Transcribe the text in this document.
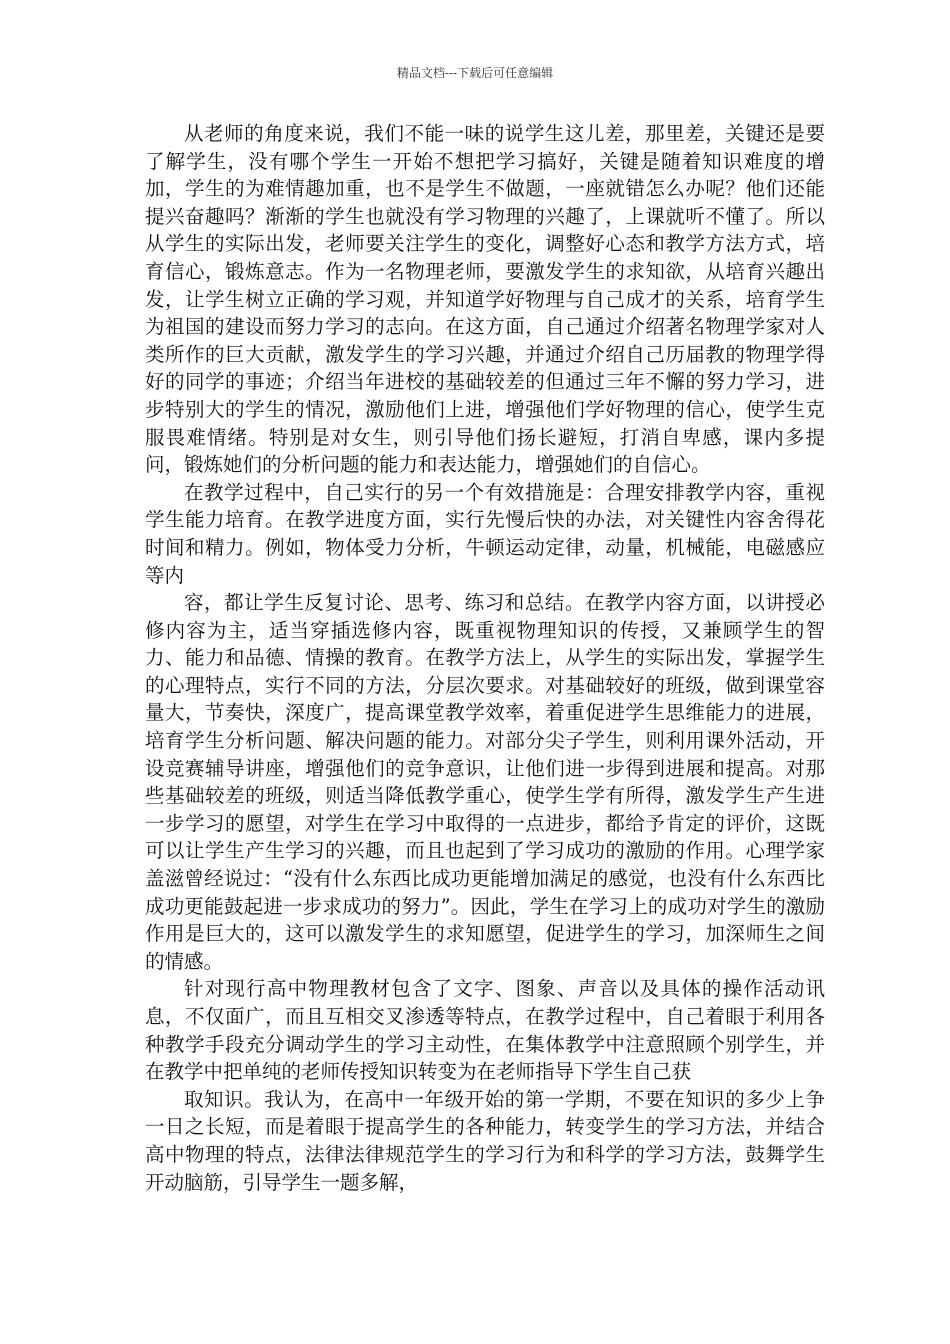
精品文档---下载后可任意编辑

从老师的角度来说，我们不能一味的说学生这儿差，那里差，关键还是要了解学生，没有哪个学生一开始不想把学习搞好，关键是随着知识难度的增加，学生的为难情趣加重，也不是学生不做题，一座就错怎么办呢？他们还能提兴奋趣吗？渐渐的学生也就没有学习物理的兴趣了，上课就听不懂了。所以从学生的实际出发，老师要关注学生的变化，调整好心态和教学方法方式，培育信心，锻炼意志。作为一名物理老师，要激发学生的求知欲，从培育兴趣出发，让学生树立正确的学习观，并知道学好物理与自己成才的关系，培育学生为祖国的建设而努力学习的志向。在这方面，自己通过介绍著名物理学家对人类所作的巨大贡献，激发学生的学习兴趣，并通过介绍自己历届教的物理学得好的同学的事迹；介绍当年进校的基础较差的但通过三年不懈的努力学习，进步特别大的学生的情况，激励他们上进，增强他们学好物理的信心，使学生克服畏难情绪。特别是对女生，则引导他们扬长避短，打消自卑感，课内多提问，锻炼她们的分析问题的能力和表达能力，增强她们的自信心。

在教学过程中，自己实行的另一个有效措施是：合理安排教学内容，重视学生能力培育。在教学进度方面，实行先慢后快的办法，对关键性内容舍得花时间和精力。例如，物体受力分析，牛顿运动定律，动量，机械能，电磁感应等内

容，都让学生反复讨论、思考、练习和总结。在教学内容方面，以讲授必修内容为主，适当穿插选修内容，既重视物理知识的传授，又兼顾学生的智力、能力和品德、情操的教育。在教学方法上，从学生的实际出发，掌握学生的心理特点，实行不同的方法，分层次要求。对基础较好的班级，做到课堂容量大，节奏快，深度广，提高课堂教学效率，着重促进学生思维能力的进展，培育学生分析问题、解决问题的能力。对部分尖子学生，则利用课外活动，开设竞赛辅导讲座，增强他们的竞争意识，让他们进一步得到进展和提高。对那些基础较差的班级，则适当降低教学重心，使学生学有所得，激发学生产生进一步学习的愿望，对学生在学习中取得的一点进步，都给予肯定的评价，这既可以让学生产生学习的兴趣，而且也起到了学习成功的激励的作用。心理学家盖滋曾经说过：“没有什么东西比成功更能增加满足的感觉，也没有什么东西比成功更能鼓起进一步求成功的努力”。因此，学生在学习上的成功对学生的激励作用是巨大的，这可以激发学生的求知愿望，促进学生的学习，加深师生之间的情感。

针对现行高中物理教材包含了文字、图象、声音以及具体的操作活动讯息，不仅面广，而且互相交叉渗透等特点，在教学过程中，自己着眼于利用各种教学手段充分调动学生的学习主动性，在集体教学中注意照顾个别学生，并在教学中把单纯的老师传授知识转变为在老师指导下学生自己获

取知识。我认为，在高中一年级开始的第一学期，不要在知识的多少上争一日之长短，而是着眼于提高学生的各种能力，转变学生的学习方法，并结合高中物理的特点，法律法律规范学生的学习行为和科学的学习方法，鼓舞学生开动脑筋，引导学生一题多解，
